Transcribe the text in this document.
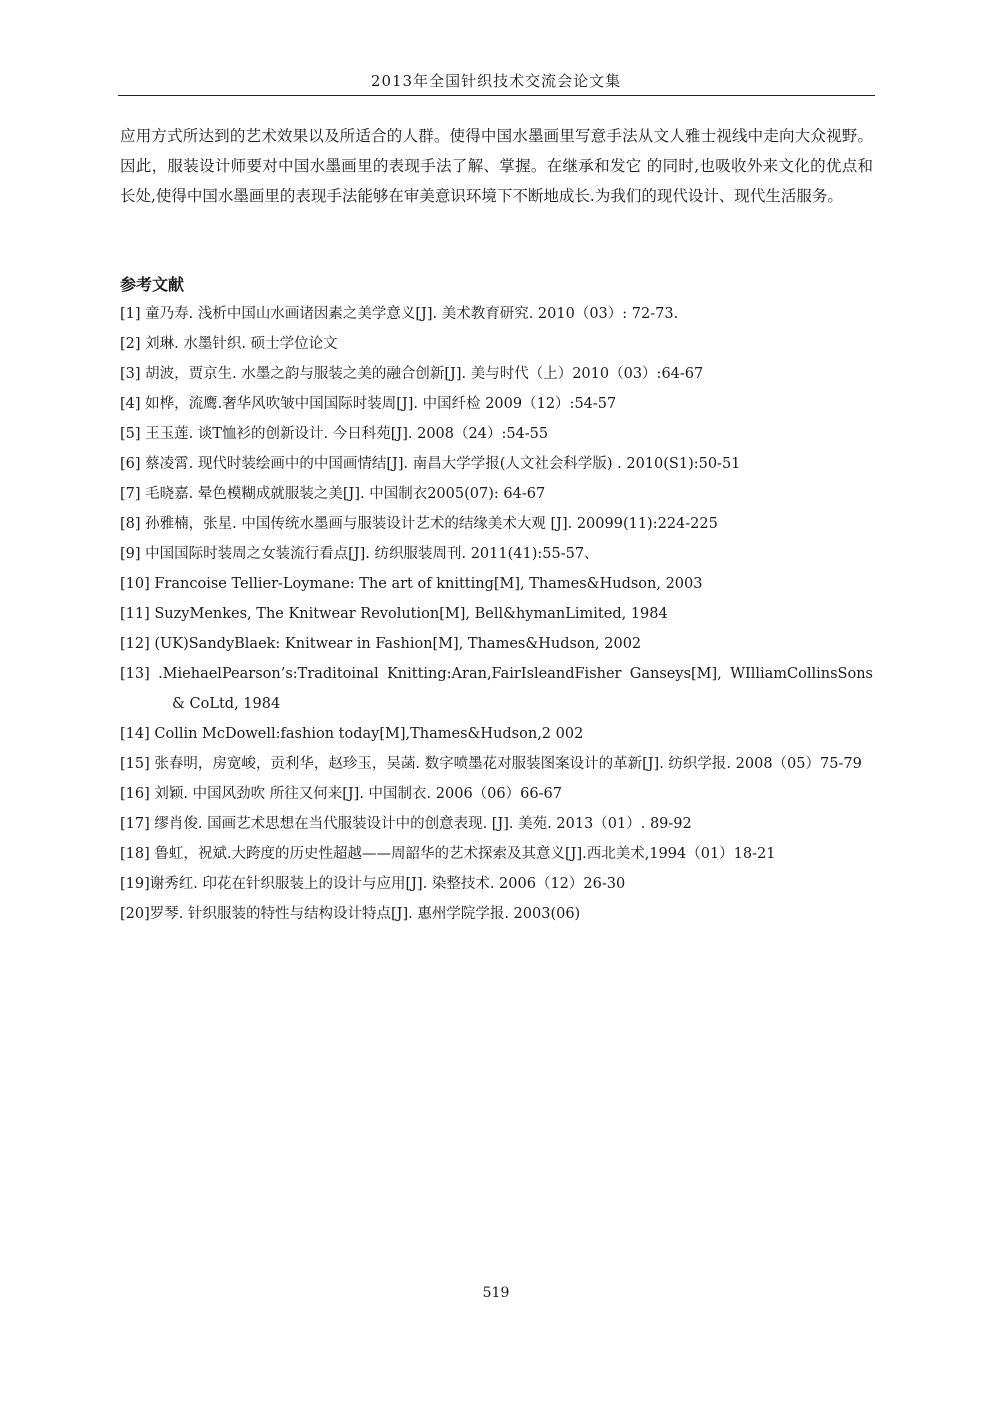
2013年全国针织技术交流会论文集

应用方式所达到的艺术效果以及所适合的人群。使得中国水墨画里写意手法从文人雅士视线中走向大众视野。因此，服装设计师要对中国水墨画里的表现手法了解、掌握。在继承和发它 的同时,也吸收外来文化的优点和长处,使得中国水墨画里的表现手法能够在审美意识环境下不断地成长.为我们的现代设计、现代生活服务。

参考文献
[1] 童乃寿. 浅析中国山水画诸因素之美学意义[J]. 美术教育研究. 2010（03）: 72-73.
[2] 刘琳. 水墨针织. 硕士学位论文
[3] 胡波，贾京生. 水墨之韵与服装之美的融合创新[J]. 美与时代（上）2010（03）:64-67
[4] 如桦，流鹰.奢华风吹皱中国国际时装周[J]. 中国纤检 2009（12）:54-57
[5] 王玉莲. 谈T恤衫的创新设计. 今日科苑[J]. 2008（24）:54-55
[6] 蔡凌霄. 现代时装绘画中的中国画情结[J]. 南昌大学学报(人文社会科学版) . 2010(S1):50-51
[7] 毛晓嘉. 晕色模糊成就服装之美[J]. 中国制衣2005(07): 64-67
[8] 孙雅楠，张星. 中国传统水墨画与服装设计艺术的结缘美术大观 [J]. 20099(11):224-225
[9] 中国国际时装周之女装流行看点[J]. 纺织服装周刊. 2011(41):55-57、
[10] Francoise Tellier-Loymane: The art of knitting[M], Thames&Hudson, 2003
[11] SuzyMenkes, The Knitwear Revolution[M], Bell&hymanLimited, 1984
[12] (UK)SandyBlaek: Knitwear in Fashion[M], Thames&Hudson, 2002
[13] .MiehaelPearson’s:Traditoinal Knitting:Aran,FairIsleandFisher Ganseys[M], WIlliamCollinsSons & CoLtd, 1984
[14] Collin McDowell:fashion today[M],Thames&Hudson,2 002
[15] 张春明，房宽峻，贡利华，赵珍玉，吴菡. 数字喷墨花对服装图案设计的革新[J]. 纺织学报. 2008（05）75-79
[16] 刘颖. 中国风劲吹 所往又何来[J]. 中国制衣. 2006（06）66-67
[17] 缪肖俊. 国画艺术思想在当代服装设计中的创意表现. [J]. 美苑. 2013（01）. 89-92
[18] 鲁虹，祝斌.大跨度的历史性超越——周韶华的艺术探索及其意义[J].西北美术,1994（01）18-21
[19]谢秀红. 印花在针织服装上的设计与应用[J]. 染整技术. 2006（12）26-30
[20]罗琴. 针织服装的特性与结构设计特点[J]. 惠州学院学报. 2003(06)
519
